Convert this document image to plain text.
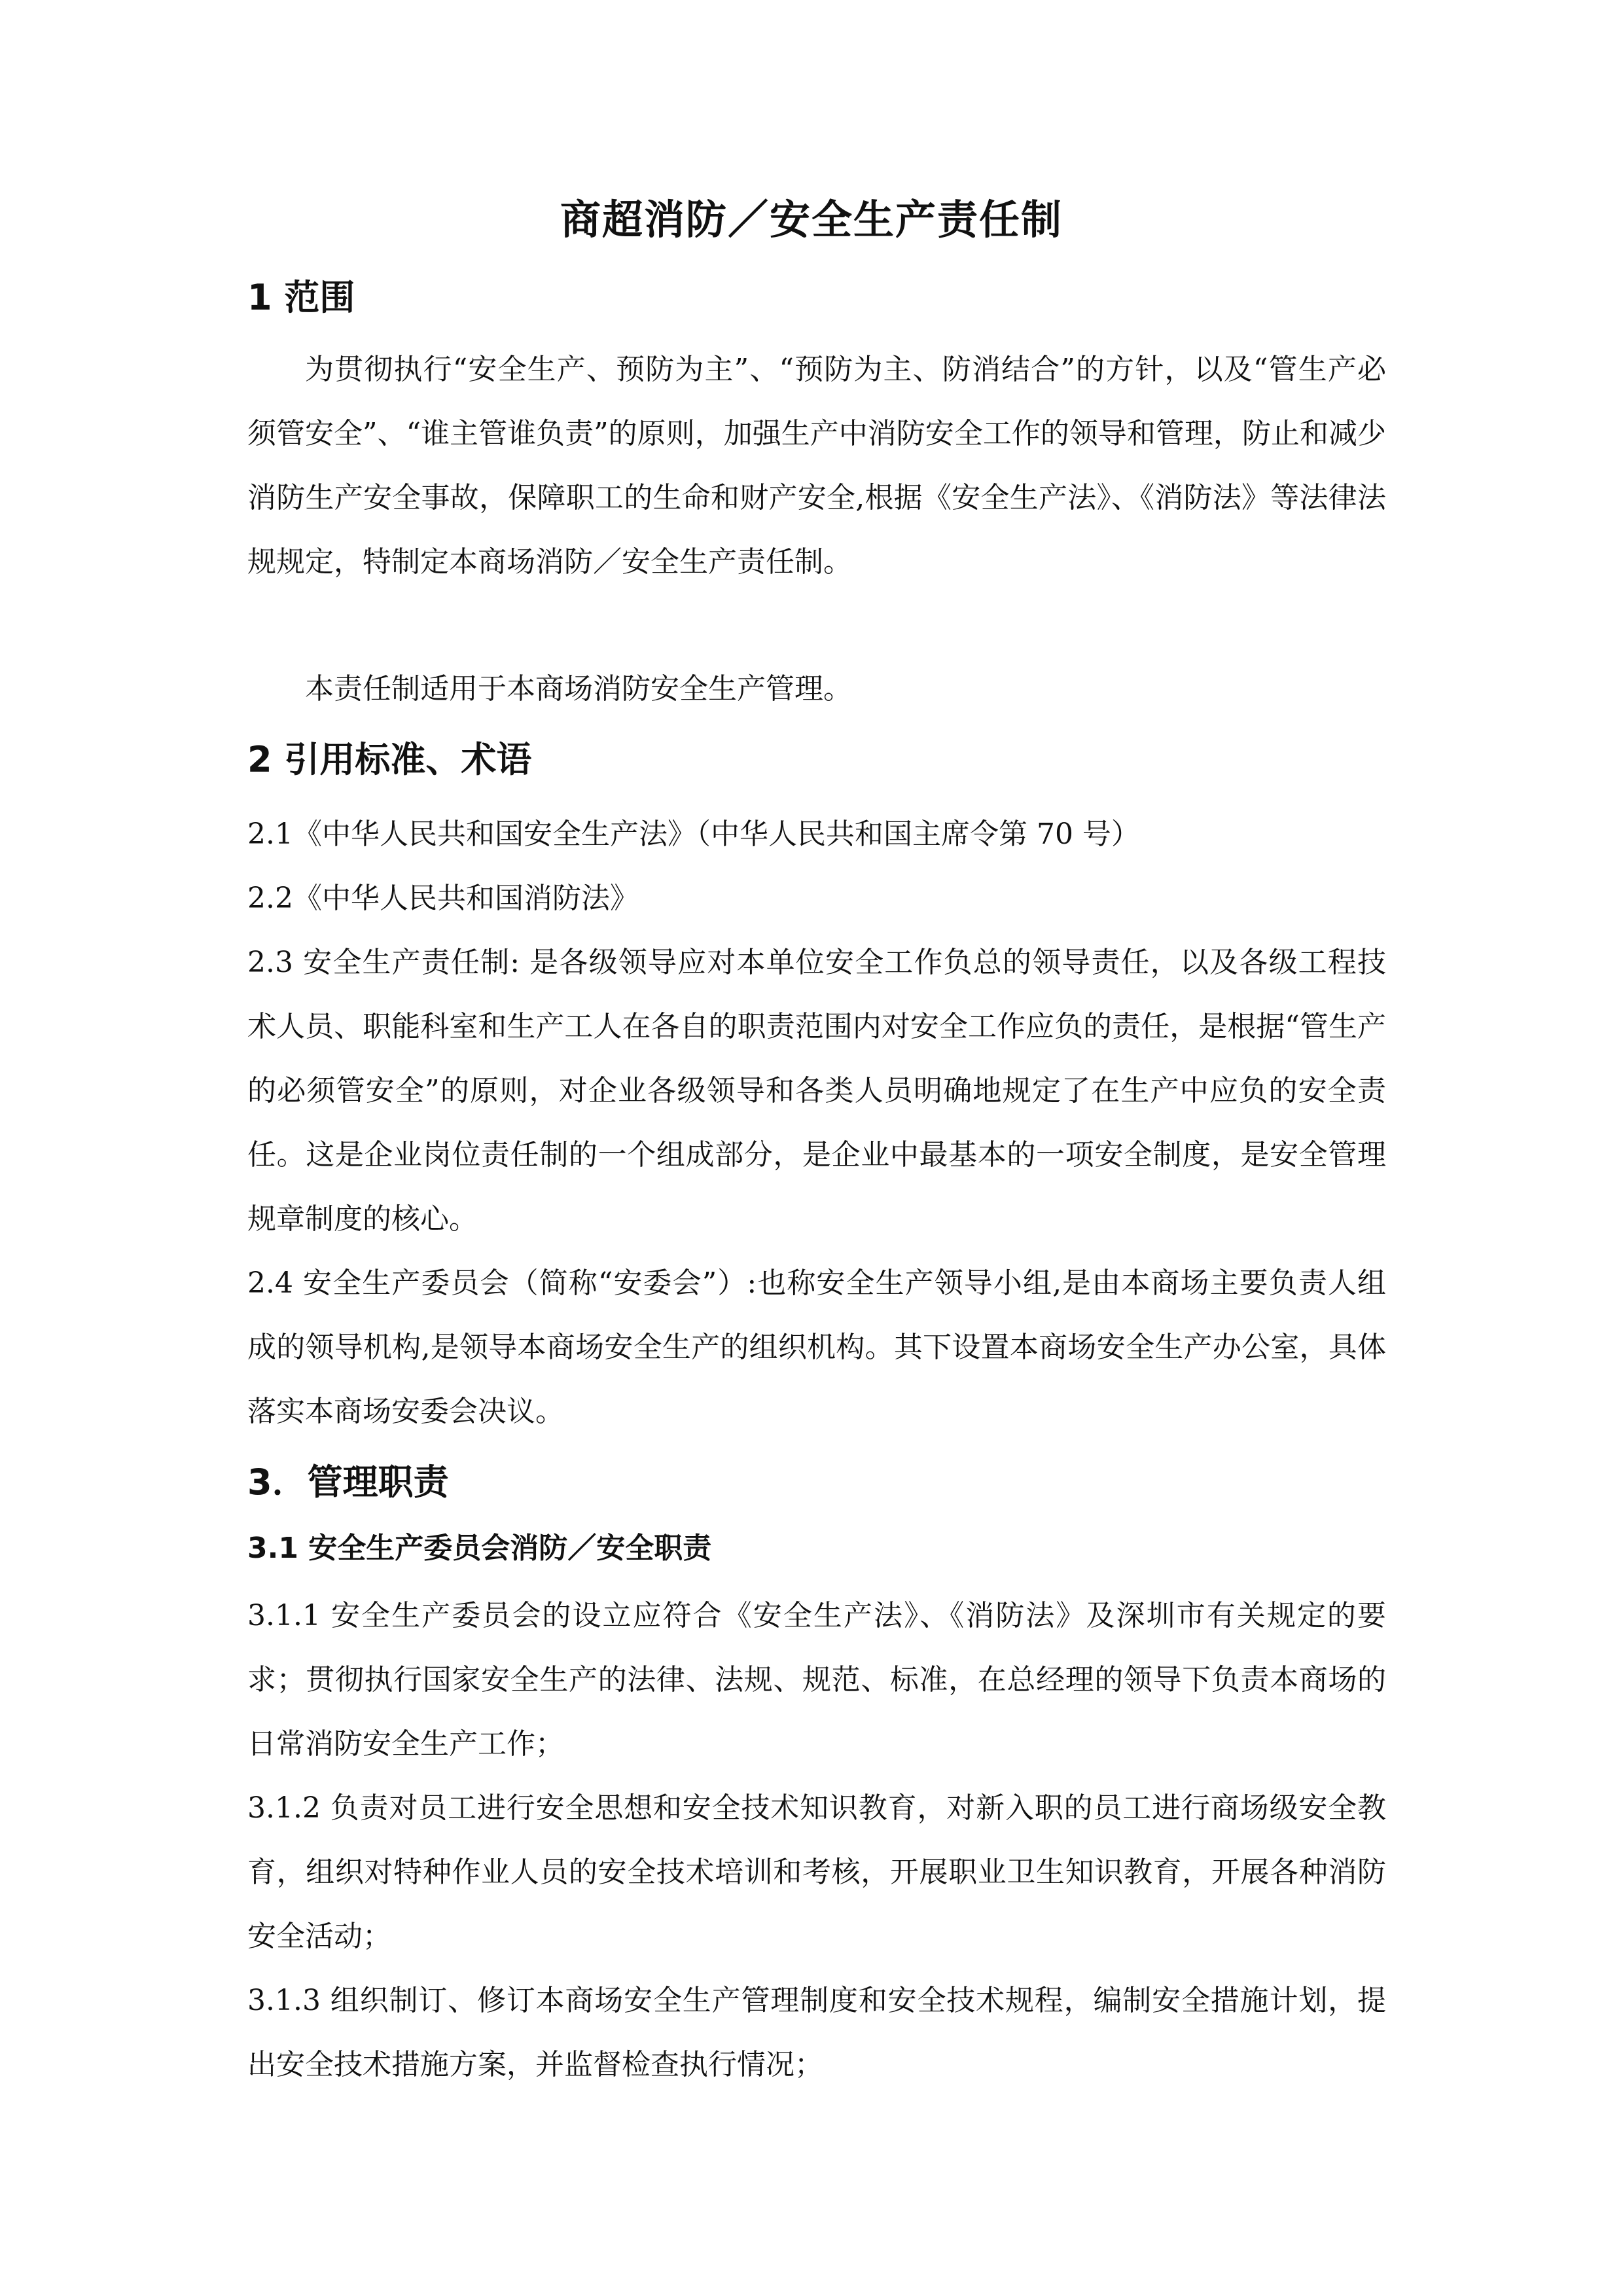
商超消防／安全生产责任制
1 范围
为贯彻执行“安全生产、预防为主”、“预防为主、防消结合”的方针，以及“管生产必须管安全”、“谁主管谁负责”的原则，加强生产中消防安全工作的领导和管理，防止和减少消防生产安全事故，保障职工的生命和财产安全,根据《安全生产法》、《消防法》等法律法规规定，特制定本商场消防／安全生产责任制。
本责任制适用于本商场消防安全生产管理。
2 引用标准、术语
2.1《中华人民共和国安全生产法》（中华人民共和国主席令第 70 号）
2.2《中华人民共和国消防法》
2.3 安全生产责任制: 是各级领导应对本单位安全工作负总的领导责任，以及各级工程技术人员、职能科室和生产工人在各自的职责范围内对安全工作应负的责任，是根据“管生产的必须管安全”的原则，对企业各级领导和各类人员明确地规定了在生产中应负的安全责任。这是企业岗位责任制的一个组成部分，是企业中最基本的一项安全制度，是安全管理规章制度的核心。
2.4 安全生产委员会（简称“安委会”）:也称安全生产领导小组,是由本商场主要负责人组成的领导机构,是领导本商场安全生产的组织机构。其下设置本商场安全生产办公室，具体落实本商场安委会决议。
3．管理职责
3.1 安全生产委员会消防／安全职责
3.1.1 安全生产委员会的设立应符合《安全生产法》、《消防法》及深圳市有关规定的要求；贯彻执行国家安全生产的法律、法规、规范、标准，在总经理的领导下负责本商场的日常消防安全生产工作；
3.1.2 负责对员工进行安全思想和安全技术知识教育，对新入职的员工进行商场级安全教育，组织对特种作业人员的安全技术培训和考核，开展职业卫生知识教育，开展各种消防安全活动；
3.1.3 组织制订、修订本商场安全生产管理制度和安全技术规程，编制安全措施计划，提出安全技术措施方案，并监督检查执行情况；
